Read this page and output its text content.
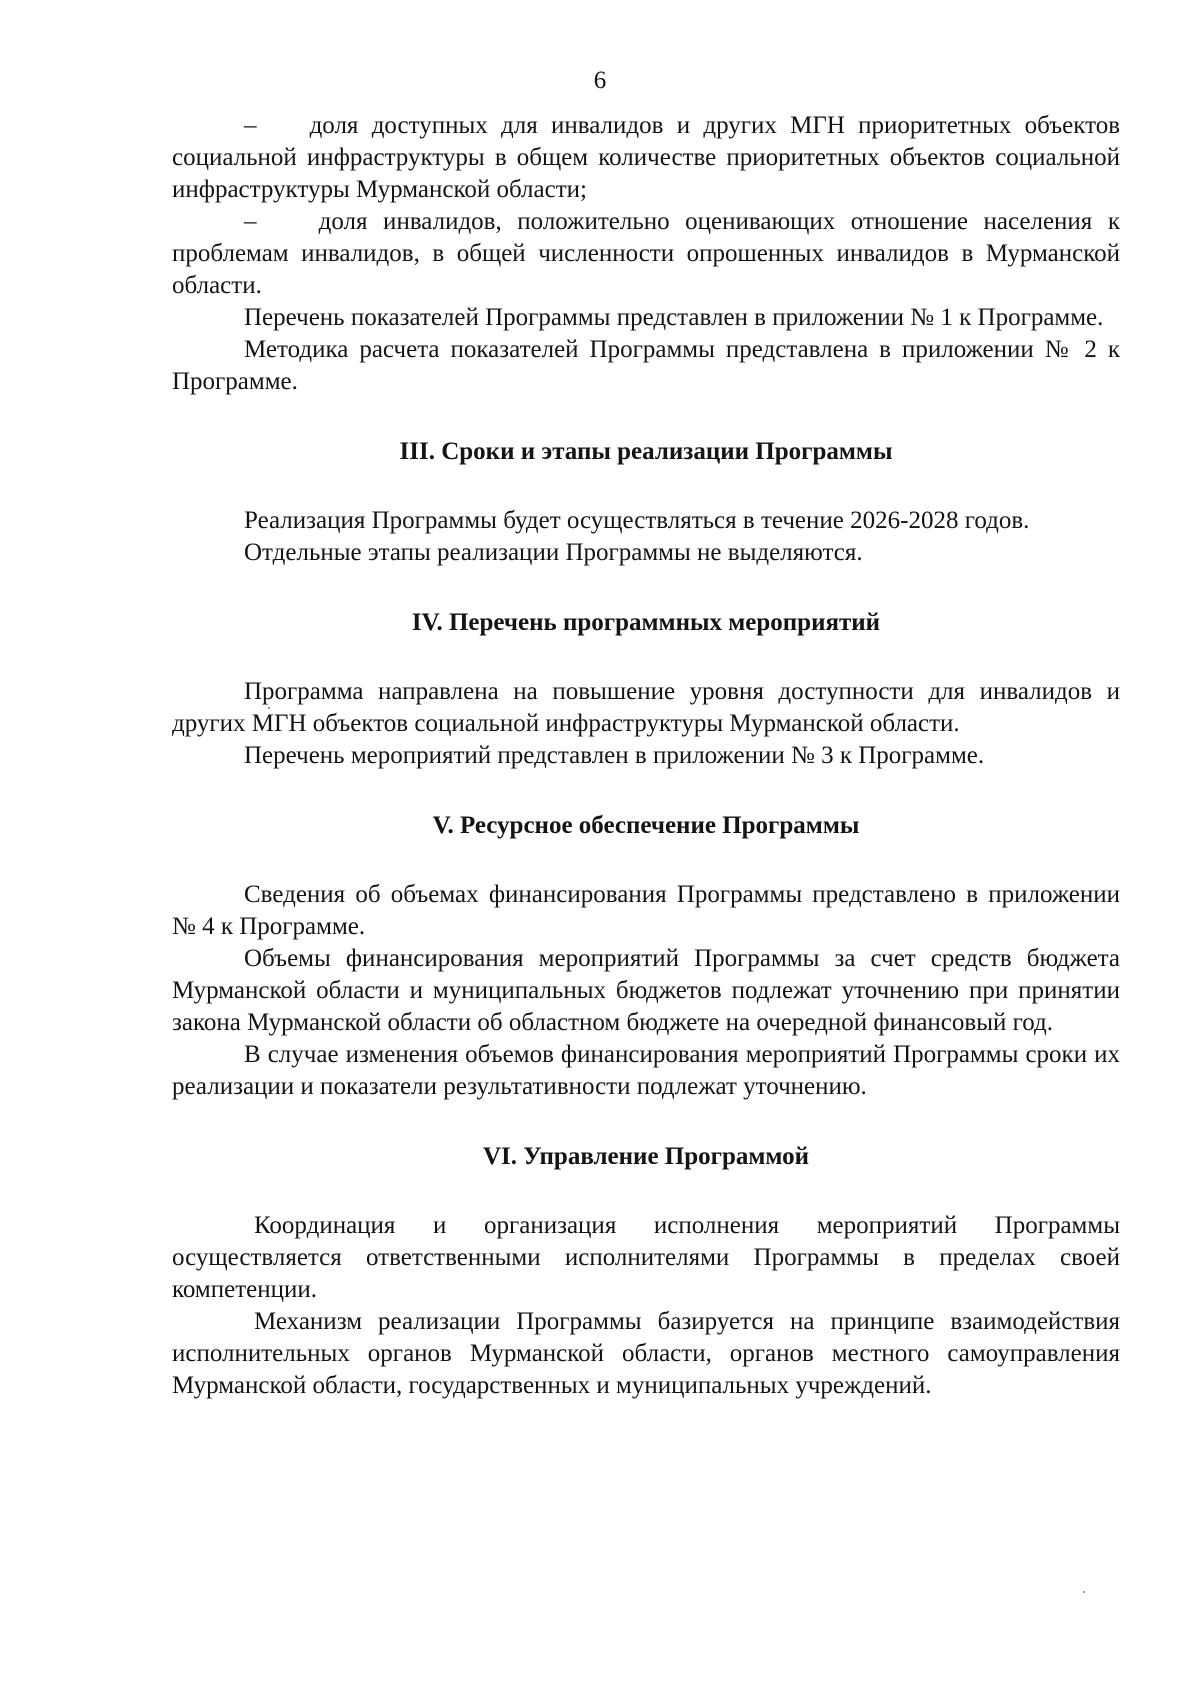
6

–    доля доступных для инвалидов и других МГН приоритетных объектов социальной инфраструктуры в общем количестве приоритетных объектов социальной инфраструктуры Мурманской области;

–    доля инвалидов, положительно оценивающих отношение населения к проблемам инвалидов, в общей численности опрошенных инвалидов в Мурманской области.

Перечень показателей Программы представлен в приложении № 1 к Программе.

Методика расчета показателей Программы представлена в приложении № 2 к Программе.

III. Сроки и этапы реализации Программы

Реализация Программы будет осуществляться в течение 2026-2028 годов.

Отдельные этапы реализации Программы не выделяются.

IV. Перечень программных мероприятий

Программа направлена на повышение уровня доступности для инвалидов и других МГН объектов социальной инфраструктуры Мурманской области.

Перечень мероприятий представлен в приложении № 3 к Программе.

V. Ресурсное обеспечение Программы

Сведения об объемах финансирования Программы представлено в приложении № 4 к Программе.

Объемы финансирования мероприятий Программы за счет средств бюджета Мурманской области и муниципальных бюджетов подлежат уточнению при принятии закона Мурманской области об областном бюджете на очередной финансовый год.

В случае изменения объемов финансирования мероприятий Программы сроки их реализации и показатели результативности подлежат уточнению.

VI. Управление Программой

Координация и организация исполнения мероприятий Программы осуществляется ответственными исполнителями Программы в пределах своей компетенции.

Механизм реализации Программы базируется на принципе взаимодействия исполнительных органов Мурманской области, органов местного самоуправления Мурманской области, государственных и муниципальных учреждений.
